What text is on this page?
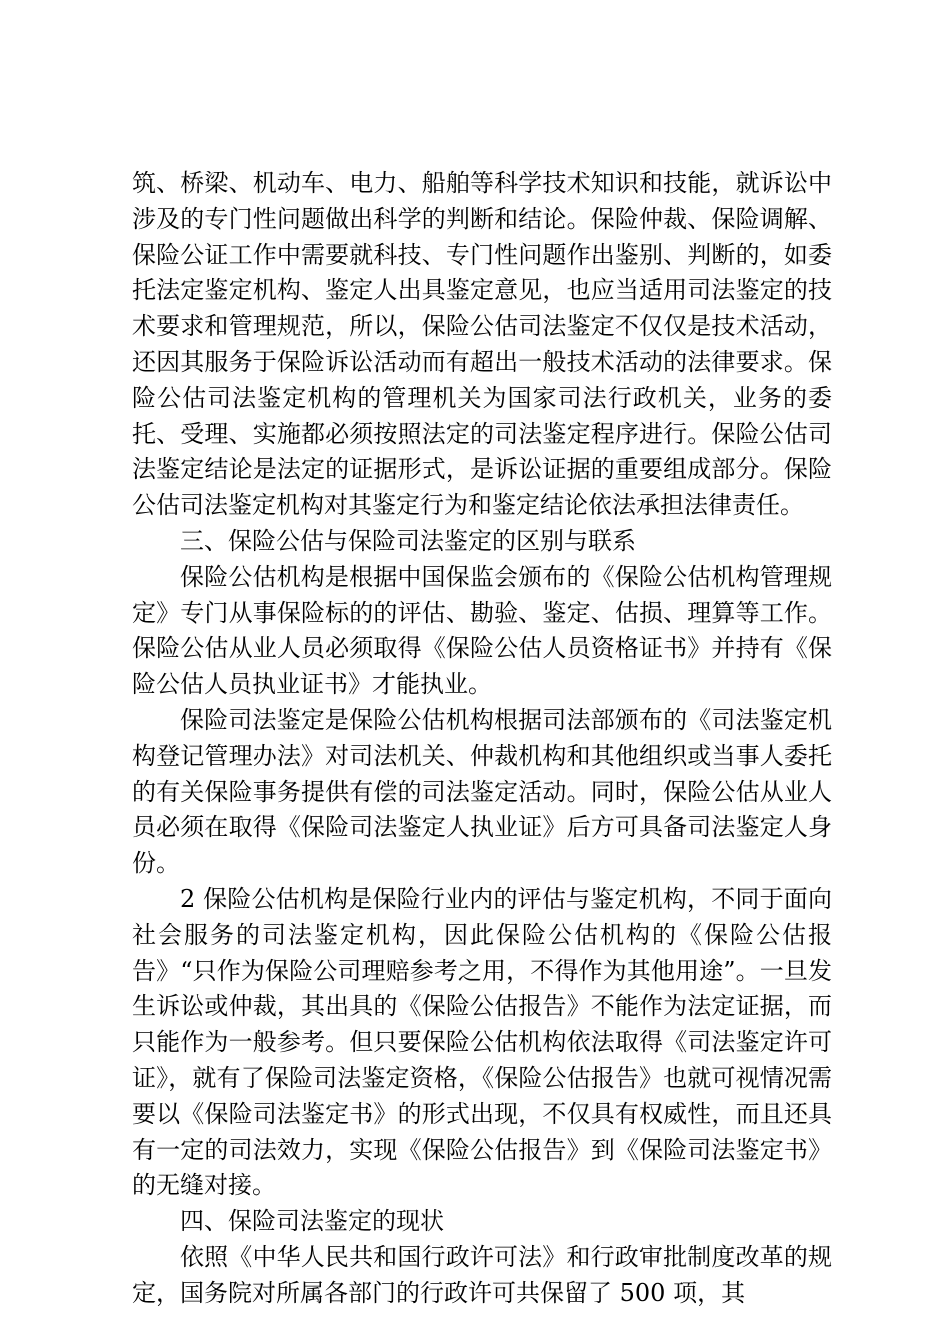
筑、桥梁、机动车、电力、船舶等科学技术知识和技能，就诉讼中涉及的专门性问题做出科学的判断和结论。保险仲裁、保险调解、保险公证工作中需要就科技、专门性问题作出鉴别、判断的，如委托法定鉴定机构、鉴定人出具鉴定意见，也应当适用司法鉴定的技术要求和管理规范，所以，保险公估司法鉴定不仅仅是技术活动，还因其服务于保险诉讼活动而有超出一般技术活动的法律要求。保险公估司法鉴定机构的管理机关为国家司法行政机关，业务的委托、受理、实施都必须按照法定的司法鉴定程序进行。保险公估司法鉴定结论是法定的证据形式，是诉讼证据的重要组成部分。保险公估司法鉴定机构对其鉴定行为和鉴定结论依法承担法律责任。

三、保险公估与保险司法鉴定的区别与联系

保险公估机构是根据中国保监会颁布的《保险公估机构管理规定》专门从事保险标的的评估、勘验、鉴定、估损、理算等工作。保险公估从业人员必须取得《保险公估人员资格证书》并持有《保险公估人员执业证书》才能执业。

保险司法鉴定是保险公估机构根据司法部颁布的《司法鉴定机构登记管理办法》对司法机关、仲裁机构和其他组织或当事人委托的有关保险事务提供有偿的司法鉴定活动。同时，保险公估从业人员必须在取得《保险司法鉴定人执业证》后方可具备司法鉴定人身份。

2 保险公估机构是保险行业内的评估与鉴定机构，不同于面向社会服务的司法鉴定机构，因此保险公估机构的《保险公估报告》“只作为保险公司理赔参考之用，不得作为其他用途”。一旦发生诉讼或仲裁，其出具的《保险公估报告》不能作为法定证据，而只能作为一般参考。但只要保险公估机构依法取得《司法鉴定许可证》，就有了保险司法鉴定资格，《保险公估报告》也就可视情况需要以《保险司法鉴定书》的形式出现，不仅具有权威性，而且还具有一定的司法效力，实现《保险公估报告》到《保险司法鉴定书》的无缝对接。

四、保险司法鉴定的现状

依照《中华人民共和国行政许可法》和行政审批制度改革的规定，国务院对所属各部门的行政许可共保留了 500 项，其
